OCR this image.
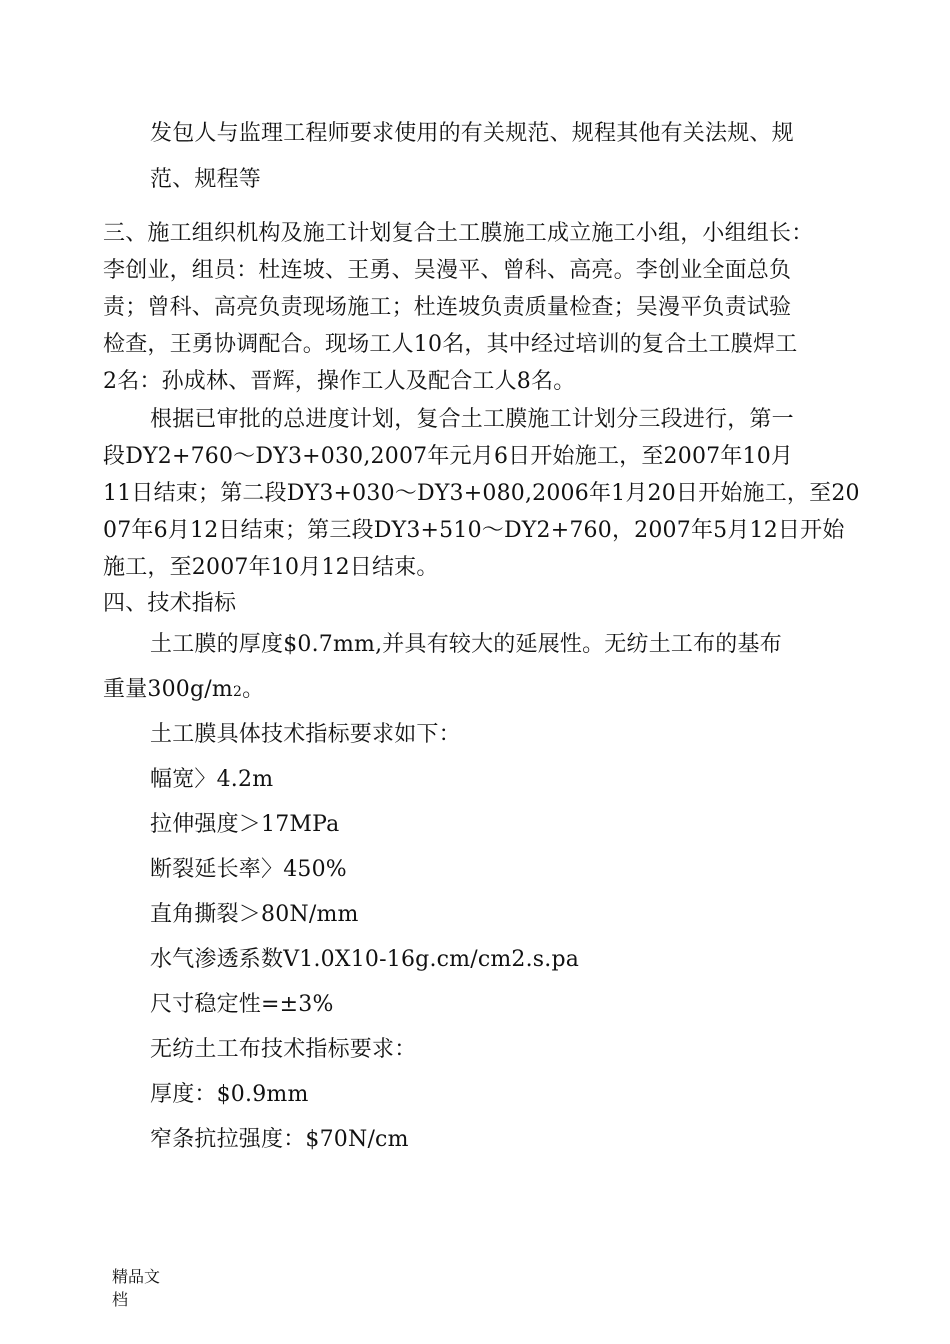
发包人与监理工程师要求使用的有关规范、规程其他有关法规、规
范、规程等
三、施工组织机构及施工计划复合土工膜施工成立施工小组，小组组长：
李创业，组员：杜连坡、王勇、吴漫平、曾科、高亮。李创业全面总负
责；曾科、高亮负责现场施工；杜连坡负责质量检查；吴漫平负责试验
检查，王勇协调配合。现场工人10名，其中经过培训的复合土工膜焊工
2名：孙成林、晋辉，操作工人及配合工人8名。
根据已审批的总进度计划，复合土工膜施工计划分三段进行，第一
段DY2+760〜DY3+030,2007年元月6日开始施工，至2007年10月
11日结束；第二段DY3+030〜DY3+080,2006年1月20日开始施工，至20
07年6月12日结束；第三段DY3+510〜DY2+760，2007年5月12日开始
施工，至2007年10月12日结束。
四、技术指标
土工膜的厚度$0.7mm,并具有较大的延展性。无纺土工布的基布
重量300g/m2。
土工膜具体技术指标要求如下：
幅宽〉4.2m
拉伸强度＞17MPa
断裂延长率〉450%
直角撕裂＞80N/mm
水气渗透系数V1.0X10-16g.cm/cm2.s.pa
尺寸稳定性=±3%
无纺土工布技术指标要求：
厚度：$0.9mm
窄条抗拉强度：$70N/cm
精品文
档
